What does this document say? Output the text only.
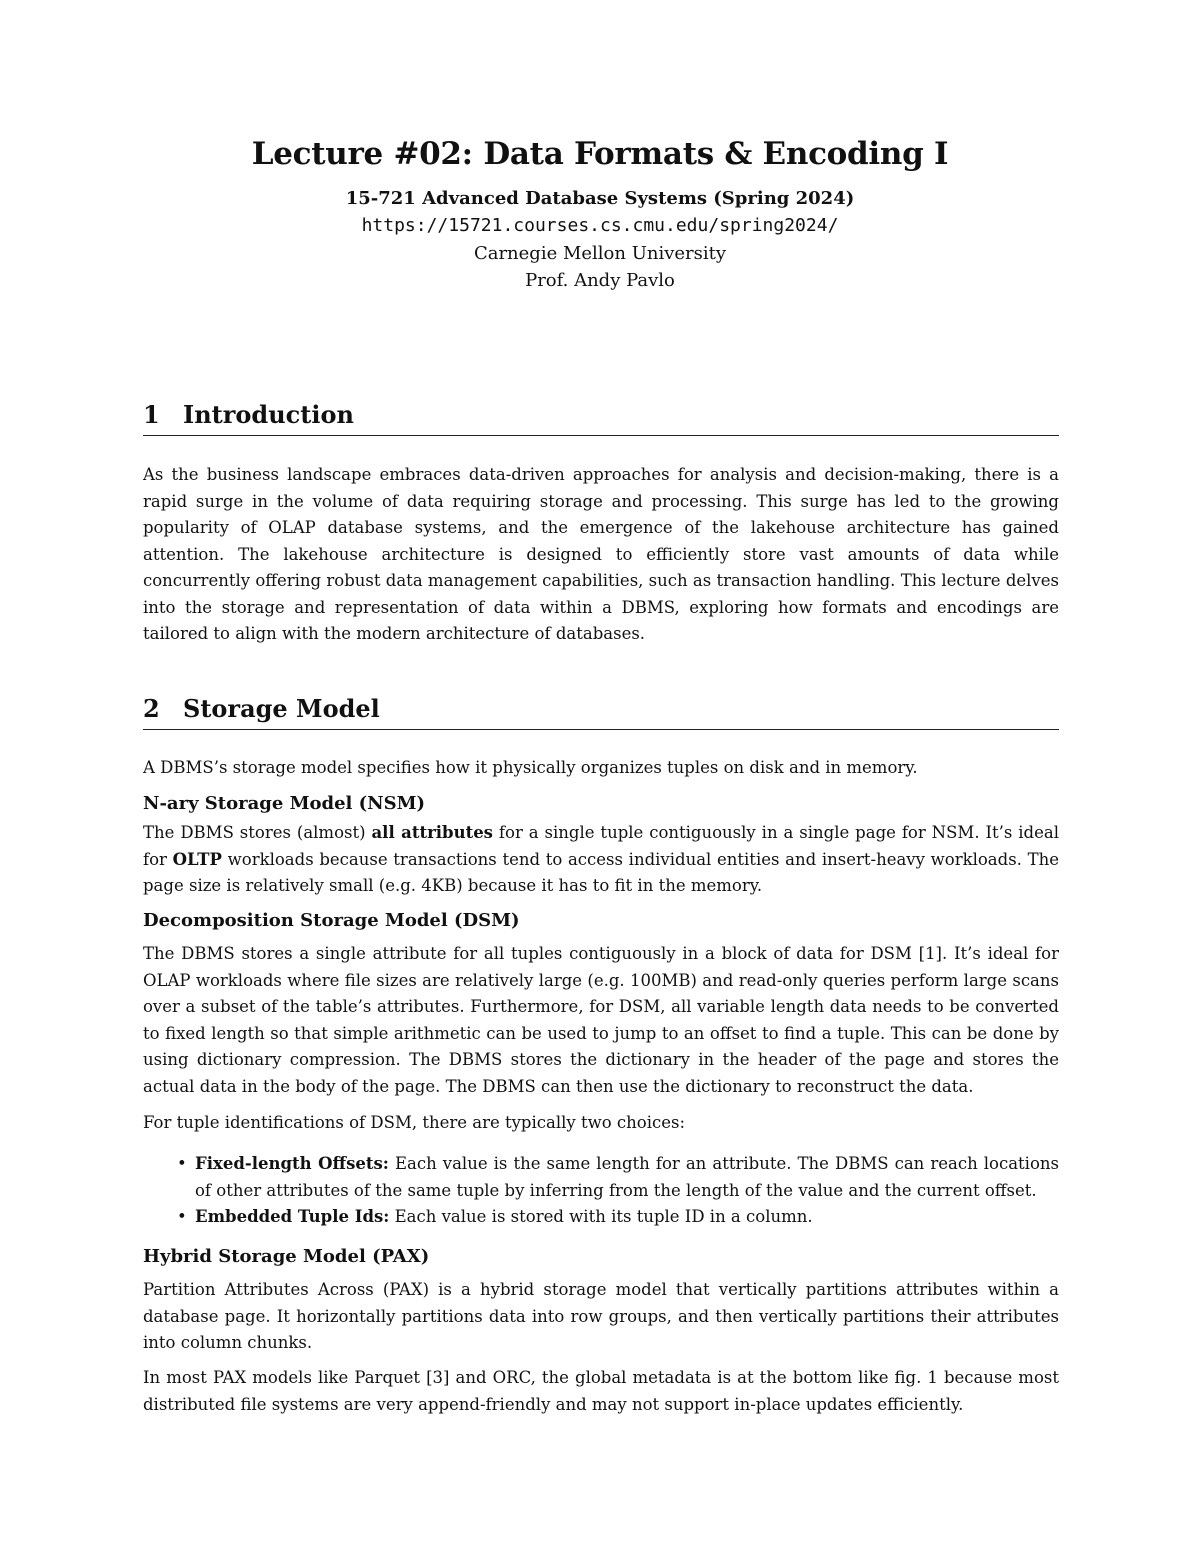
Lecture #02: Data Formats & Encoding I
15-721 Advanced Database Systems (Spring 2024)
https://15721.courses.cs.cmu.edu/spring2024/
Carnegie Mellon University
Prof. Andy Pavlo
1 Introduction
As the business landscape embraces data-driven approaches for analysis and decision-making, there is a rapid surge in the volume of data requiring storage and processing. This surge has led to the growing popularity of OLAP database systems, and the emergence of the lakehouse architecture has gained attention. The lakehouse architecture is designed to efficiently store vast amounts of data while concurrently offering robust data management capabilities, such as transaction handling. This lecture delves into the storage and representation of data within a DBMS, exploring how formats and encodings are tailored to align with the modern architecture of databases.
2 Storage Model
A DBMS’s storage model specifies how it physically organizes tuples on disk and in memory.
N-ary Storage Model (NSM)
The DBMS stores (almost) all attributes for a single tuple contiguously in a single page for NSM. It’s ideal for OLTP workloads because transactions tend to access individual entities and insert-heavy workloads. The page size is relatively small (e.g. 4KB) because it has to fit in the memory.
Decomposition Storage Model (DSM)
The DBMS stores a single attribute for all tuples contiguously in a block of data for DSM [1]. It’s ideal for OLAP workloads where file sizes are relatively large (e.g. 100MB) and read-only queries perform large scans over a subset of the table’s attributes. Furthermore, for DSM, all variable length data needs to be converted to fixed length so that simple arithmetic can be used to jump to an offset to find a tuple. This can be done by using dictionary compression. The DBMS stores the dictionary in the header of the page and stores the actual data in the body of the page. The DBMS can then use the dictionary to reconstruct the data.
For tuple identifications of DSM, there are typically two choices:
• Fixed-length Offsets: Each value is the same length for an attribute. The DBMS can reach locations of other attributes of the same tuple by inferring from the length of the value and the current offset.
• Embedded Tuple Ids: Each value is stored with its tuple ID in a column.
Hybrid Storage Model (PAX)
Partition Attributes Across (PAX) is a hybrid storage model that vertically partitions attributes within a database page. It horizontally partitions data into row groups, and then vertically partitions their attributes into column chunks.
In most PAX models like Parquet [3] and ORC, the global metadata is at the bottom like fig. 1 because most distributed file systems are very append-friendly and may not support in-place updates efficiently.
